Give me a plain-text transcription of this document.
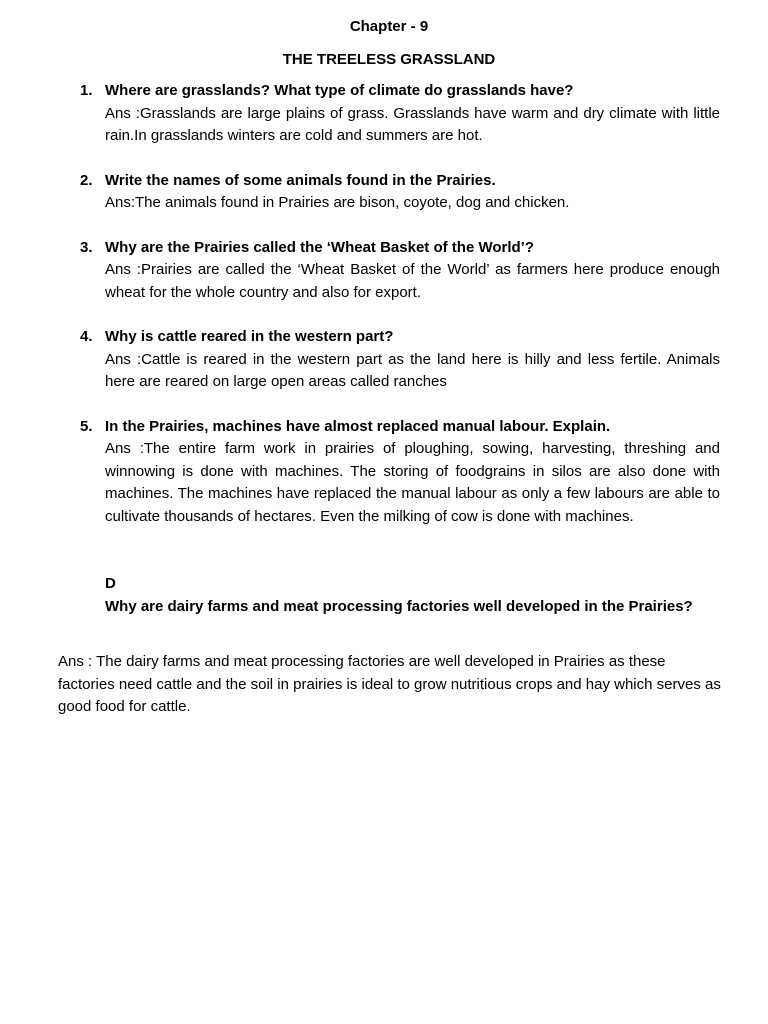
Chapter - 9
THE TREELESS GRASSLAND
1. Where are grasslands? What type of climate do grasslands have?
Ans :Grasslands are large plains of grass. Grasslands have warm and dry climate with little rain.In grasslands winters are cold and summers are hot.
2. Write the names of some animals found in the Prairies.
Ans:The animals found in Prairies are bison, coyote, dog and chicken.
3. Why are the Prairies called the ‘Wheat Basket of the World’?
Ans :Prairies are called the ‘Wheat Basket of the World’ as farmers here produce enough wheat for the whole country and also for export.
4. Why is cattle reared in the western part?
Ans :Cattle is reared in the western part as the land here is hilly and less fertile. Animals here are reared on large open areas called ranches
5. In the Prairies, machines have almost replaced manual labour. Explain.
Ans :The entire farm work in prairies of ploughing, sowing, harvesting, threshing and winnowing is done with machines. The storing of foodgrains in silos are also done with machines. The machines have replaced the manual labour as only a few labours are able to cultivate thousands of hectares. Even the milking of cow is done with machines.
D
Why are dairy farms and meat processing factories well developed in the Prairies?
Ans : The dairy farms and meat processing factories are well developed in Prairies as these factories need cattle and the soil in prairies is ideal to grow nutritious crops and hay which serves as good food for cattle.
